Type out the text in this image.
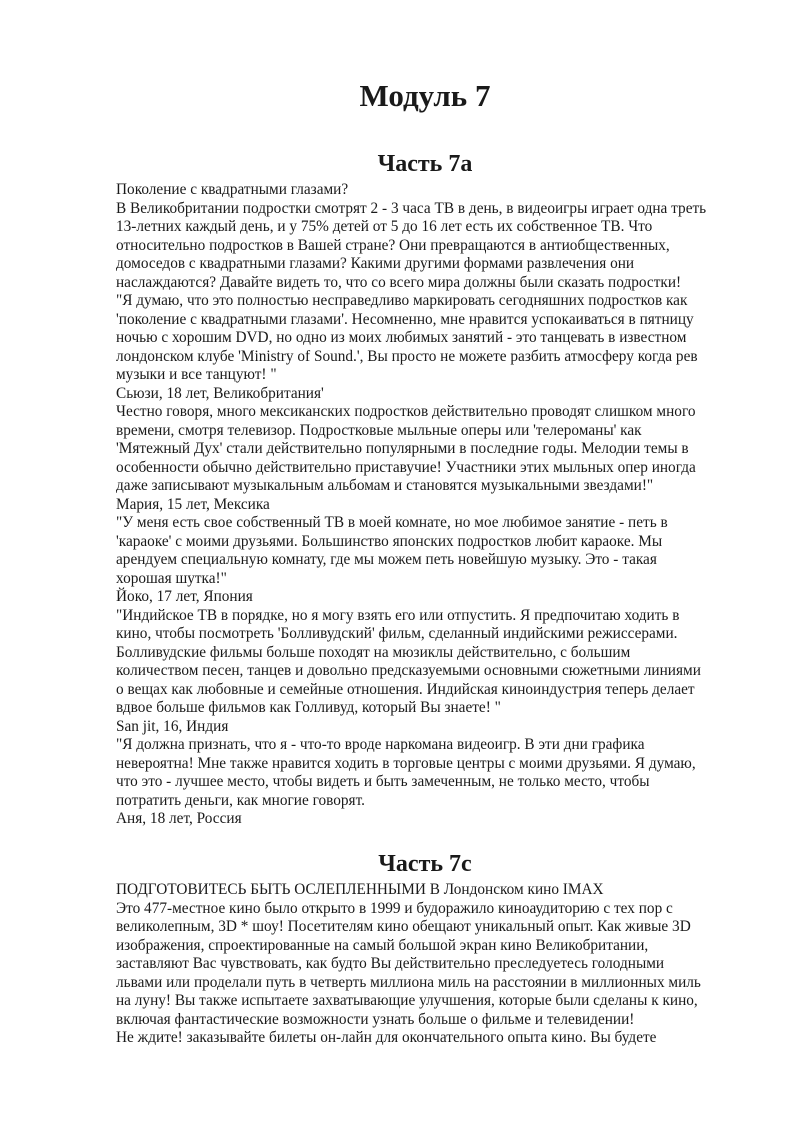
Модуль 7
Часть 7а
Поколение с квадратными глазами?
В Великобритании подростки смотрят 2 - 3 часа ТВ в день, в видеоигры играет одна треть
13-летних каждый день, и у 75% детей от 5 до 16 лет есть их собственное ТВ. Что
относительно подростков в Вашей стране? Они превращаются в антиобщественных,
домоседов с квадратными глазами? Какими другими формами развлечения они
наслаждаются? Давайте видеть то, что со всего мира должны были сказать подростки!
"Я думаю, что это полностью несправедливо маркировать сегодняшних подростков как
'поколение с квадратными глазами'. Несомненно, мне нравится успокаиваться в пятницу
ночью с хорошим DVD, но одно из моих любимых занятий - это танцевать в известном
лондонском клубе 'Ministry of Sound.', Вы просто не можете разбить атмосферу когда рев
музыки и все танцуют! "
Сьюзи, 18 лет, Великобритания'
Честно говоря, много мексиканских подростков действительно проводят слишком много
времени, смотря телевизор. Подростковые мыльные оперы или 'телероманы' как
'Мятежный Дух' стали действительно популярными в последние годы. Мелодии темы в
особенности обычно действительно приставучие! Участники этих мыльных опер иногда
даже записывают музыкальным альбомам и становятся музыкальными звездами!"
Мария, 15 лет, Мексика
"У меня есть свое собственный ТВ в моей комнате, но мое любимое занятие - петь в
'караоке' с моими друзьями. Большинство японских подростков любит караоке. Мы
арендуем специальную комнату, где мы можем петь новейшую музыку. Это - такая
хорошая шутка!"
Йоко, 17 лет, Япония
"Индийское ТВ в порядке, но я могу взять его или отпустить. Я предпочитаю ходить в
кино, чтобы посмотреть 'Болливудский' фильм, сделанный индийскими режиссерами.
Болливудские фильмы больше походят на мюзиклы действительно, с большим
количеством песен, танцев и довольно предсказуемыми основными сюжетными линиями
о вещах как любовные и семейные отношения. Индийская киноиндустрия теперь делает
вдвое больше фильмов как Голливуд, который Вы знаете! "
San jit, 16, Индия
"Я должна признать, что я - что-то вроде наркомана видеоигр. В эти дни графика
невероятна! Мне также нравится ходить в торговые центры с моими друзьями. Я думаю,
что это - лучшее место, чтобы видеть и быть замеченным, не только место, чтобы
потратить деньги, как многие говорят.
Аня, 18 лет, Россия
Часть 7с
ПОДГОТОВИТЕСЬ БЫТЬ ОСЛЕПЛЕННЫМИ В Лондонском кино IMAX
Это 477-местное кино было открыто в 1999 и будоражило киноаудиторию с тех пор с
великолепным, 3D * шоу! Посетителям кино обещают уникальный опыт. Как живые 3D
изображения, спроектированные на самый большой экран кино Великобритании,
заставляют Вас чувствовать, как будто Вы действительно преследуетесь голодными
львами или проделали путь в четверть миллиона миль на расстоянии в миллионных миль
на луну! Вы также испытаете захватывающие улучшения, которые были сделаны к кино,
включая фантастические возможности узнать больше о фильме и телевидении!
Не ждите! заказывайте билеты он-лайн для окончательного опыта кино. Вы будете
